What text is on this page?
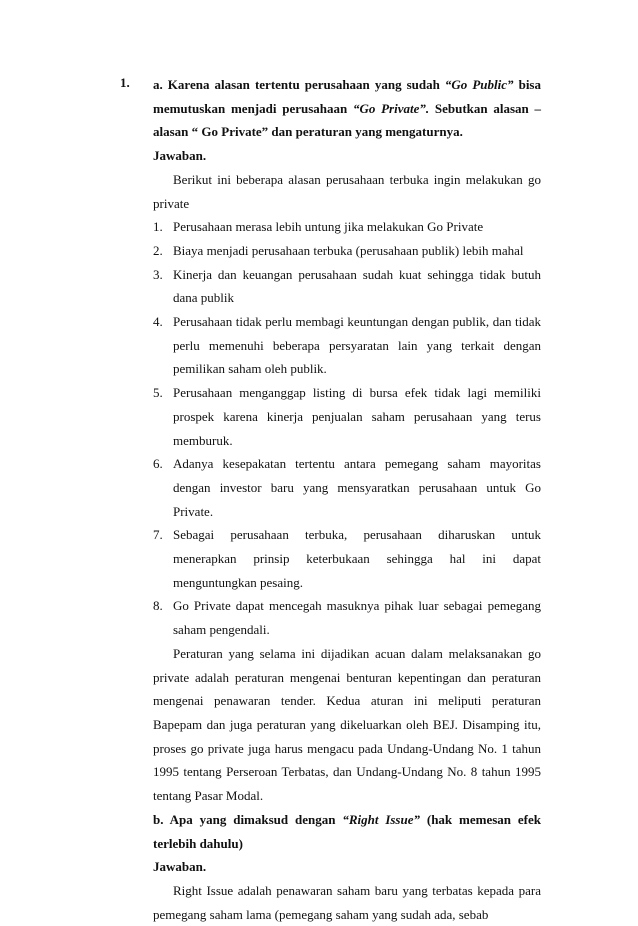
1. a. Karena alasan tertentu perusahaan yang sudah “Go Public” bisa memutuskan menjadi perusahaan “Go Private”. Sebutkan alasan – alasan “ Go Private” dan peraturan yang mengaturnya.

Jawaban.

Berikut ini beberapa alasan perusahaan terbuka ingin melakukan go private

1. Perusahaan merasa lebih untung jika melakukan Go Private
2. Biaya menjadi perusahaan terbuka (perusahaan publik) lebih mahal
3. Kinerja dan keuangan perusahaan sudah kuat sehingga tidak butuh dana publik
4. Perusahaan tidak perlu membagi keuntungan dengan publik, dan tidak perlu memenuhi beberapa persyaratan lain yang terkait dengan pemilikan saham oleh publik.
5. Perusahaan menganggap listing di bursa efek tidak lagi memiliki prospek karena kinerja penjualan saham perusahaan yang terus memburuk.
6. Adanya kesepakatan tertentu antara pemegang saham mayoritas dengan investor baru yang mensyaratkan perusahaan untuk Go Private.
7. Sebagai perusahaan terbuka, perusahaan diharuskan untuk menerapkan prinsip keterbukaan sehingga hal ini dapat menguntungkan pesaing.
8. Go Private dapat mencegah masuknya pihak luar sebagai pemegang saham pengendali.

Peraturan yang selama ini dijadikan acuan dalam melaksanakan go private adalah peraturan mengenai benturan kepentingan dan peraturan mengenai penawaran tender. Kedua aturan ini meliputi peraturan Bapepam dan juga peraturan yang dikeluarkan oleh BEJ. Disamping itu, proses go private juga harus mengacu pada Undang-Undang No. 1 tahun 1995 tentang Perseroan Terbatas, dan Undang-Undang No. 8 tahun 1995 tentang Pasar Modal.

b. Apa yang dimaksud dengan “Right Issue” (hak memesan efek terlebih dahulu)

Jawaban.

Right Issue adalah penawaran saham baru yang terbatas kepada para pemegang saham lama (pemegang saham yang sudah ada, sebab
